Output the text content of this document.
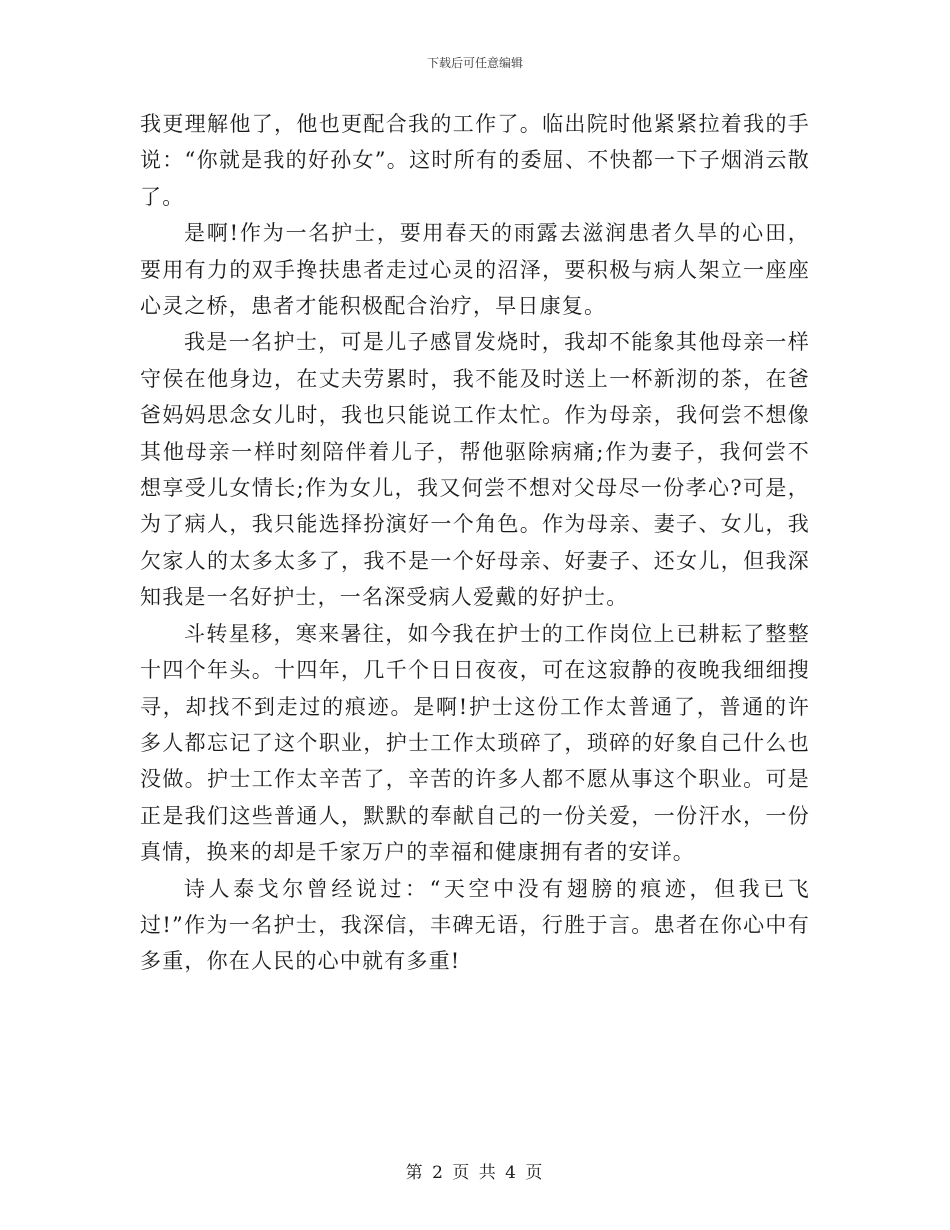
下载后可任意编辑

我更理解他了，他也更配合我的工作了。临出院时他紧紧拉着我的手说：“你就是我的好孙女”。这时所有的委屈、不快都一下子烟消云散了。

是啊!作为一名护士，要用春天的雨露去滋润患者久旱的心田，要用有力的双手搀扶患者走过心灵的沼泽，要积极与病人架立一座座心灵之桥，患者才能积极配合治疗，早日康复。

我是一名护士，可是儿子感冒发烧时，我却不能象其他母亲一样守侯在他身边，在丈夫劳累时，我不能及时送上一杯新沏的茶，在爸爸妈妈思念女儿时，我也只能说工作太忙。作为母亲，我何尝不想像其他母亲一样时刻陪伴着儿子，帮他驱除病痛;作为妻子，我何尝不想享受儿女情长;作为女儿，我又何尝不想对父母尽一份孝心?可是，为了病人，我只能选择扮演好一个角色。作为母亲、妻子、女儿，我欠家人的太多太多了，我不是一个好母亲、好妻子、还女儿，但我深知我是一名好护士，一名深受病人爱戴的好护士。

斗转星移，寒来暑往，如今我在护士的工作岗位上已耕耘了整整十四个年头。十四年，几千个日日夜夜，可在这寂静的夜晚我细细搜寻，却找不到走过的痕迹。是啊!护士这份工作太普通了，普通的许多人都忘记了这个职业，护士工作太琐碎了，琐碎的好象自己什么也没做。护士工作太辛苦了，辛苦的许多人都不愿从事这个职业。可是正是我们这些普通人，默默的奉献自己的一份关爱，一份汗水，一份真情，换来的却是千家万户的幸福和健康拥有者的安详。

诗人泰戈尔曾经说过：“天空中没有翅膀的痕迹，但我已飞过!”作为一名护士，我深信，丰碑无语，行胜于言。患者在你心中有多重，你在人民的心中就有多重!

第 2 页 共 4 页
